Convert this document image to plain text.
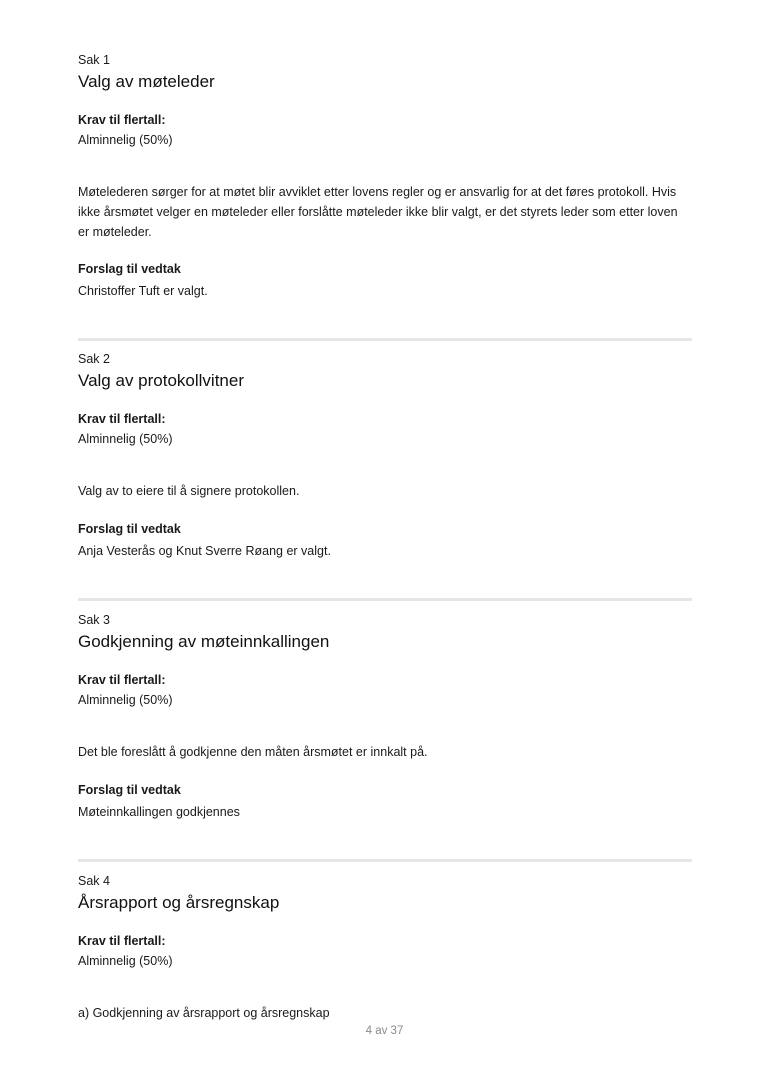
Sak 1
Valg av møteleder
Krav til flertall:
Alminnelig (50%)
Møtelederen sørger for at møtet blir avviklet etter lovens regler og er ansvarlig for at det føres protokoll. Hvis ikke årsmøtet velger en møteleder eller forslåtte møteleder ikke blir valgt, er det styrets leder som etter loven er møteleder.
Forslag til vedtak
Christoffer Tuft er valgt.
Sak 2
Valg av protokollvitner
Krav til flertall:
Alminnelig (50%)
Valg av to eiere til å signere protokollen.
Forslag til vedtak
Anja Vesterås og Knut Sverre Røang er valgt.
Sak 3
Godkjenning av møteinnkallingen
Krav til flertall:
Alminnelig (50%)
Det ble foreslått å godkjenne den måten årsmøtet er innkalt på.
Forslag til vedtak
Møteinnkallingen godkjennes
Sak 4
Årsrapport og årsregnskap
Krav til flertall:
Alminnelig (50%)
a) Godkjenning av årsrapport og årsregnskap
4 av 37
